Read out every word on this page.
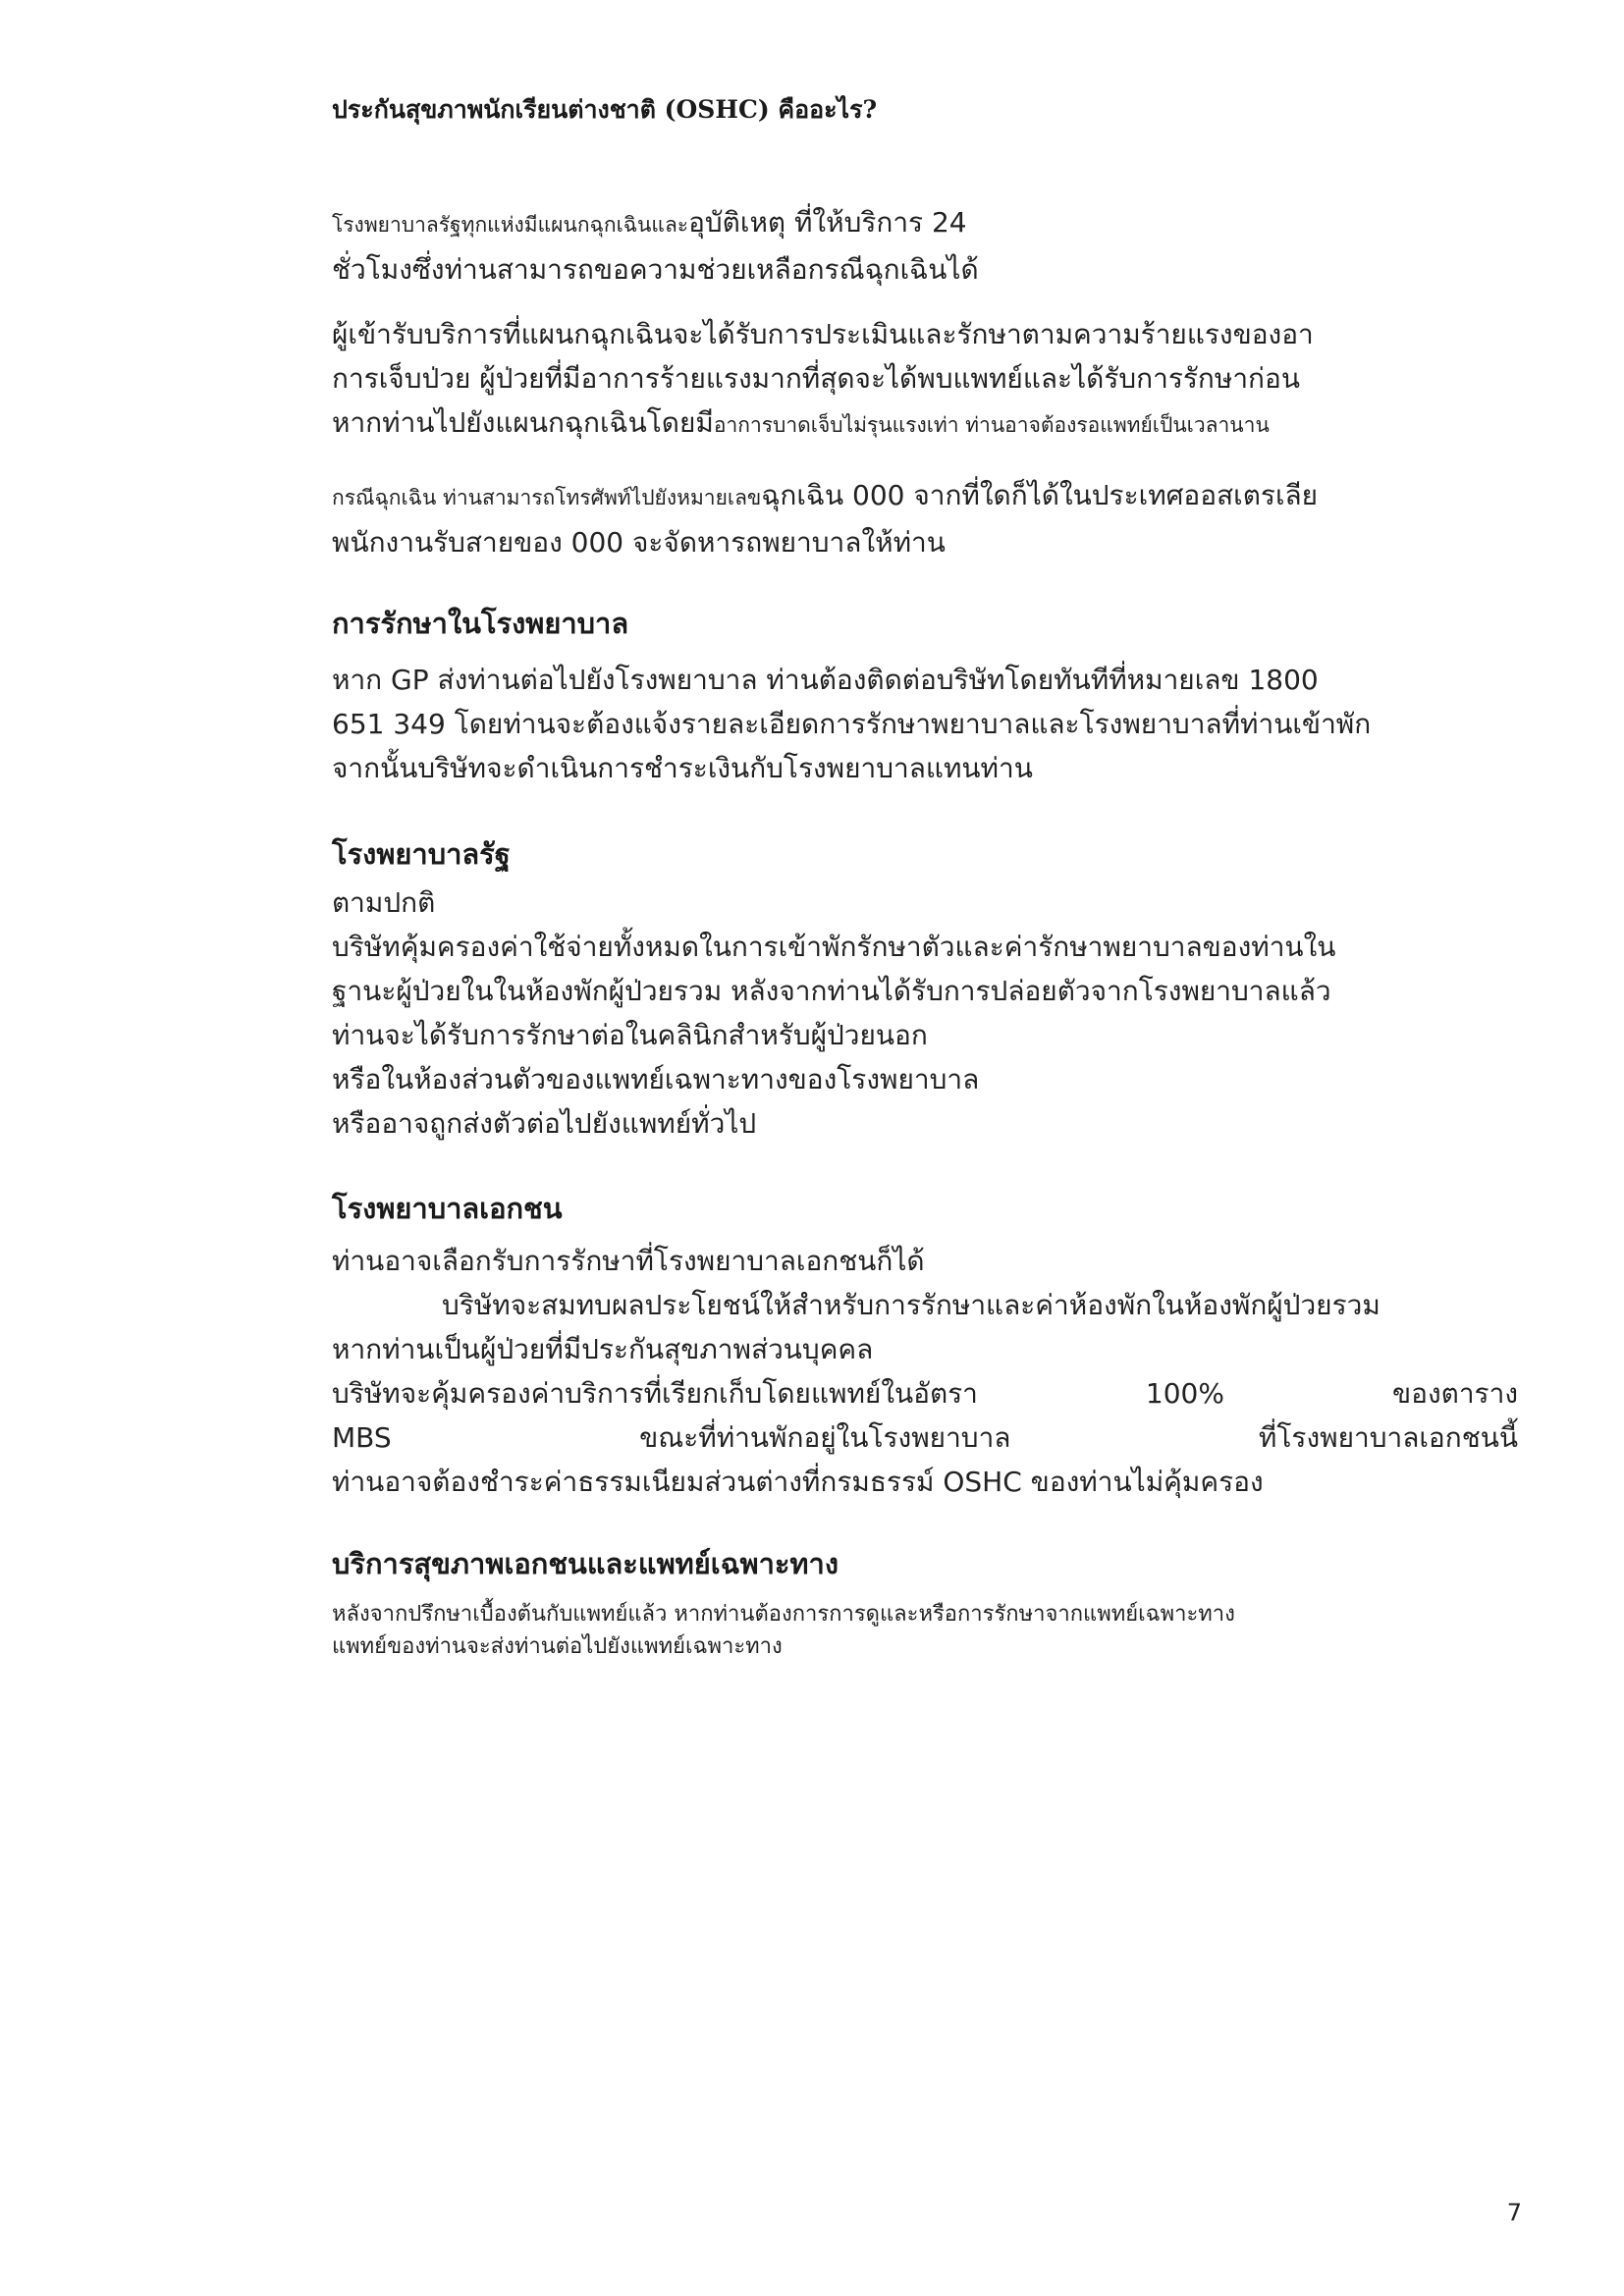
ประกันสุขภาพนักเรียนต่างชาติ (OSHC) คืออะไร?

โรงพยาบาลรัฐทุกแห่งมีแผนกฉุกเฉินและอุบัติเหตุ ที่ให้บริการ 24

ชั่วโมงซึ่งท่านสามารถขอความช่วยเหลือกรณีฉุกเฉินได้

ผู้เข้ารับบริการที่แผนกฉุกเฉินจะได้รับการประเมินและรักษาตามความร้ายแรงของอา

การเจ็บป่วย ผู้ป่วยที่มีอาการร้ายแรงมากที่สุดจะได้พบแพทย์และได้รับการรักษาก่อน

หากท่านไปยังแผนกฉุกเฉินโดยมีอาการบาดเจ็บไม่รุนแรงเท่า ท่านอาจต้องรอแพทย์เป็นเวลานาน

กรณีฉุกเฉิน ท่านสามารถโทรศัพท์ไปยังหมายเลขฉุกเฉิน 000 จากที่ใดก็ได้ในประเทศออสเตรเลีย

พนักงานรับสายของ 000 จะจัดหารถพยาบาลให้ท่าน

การรักษาในโรงพยาบาล

หาก GP ส่งท่านต่อไปยังโรงพยาบาล ท่านต้องติดต่อบริษัทโดยทันทีที่หมายเลข 1800

651 349 โดยท่านจะต้องแจ้งรายละเอียดการรักษาพยาบาลและโรงพยาบาลที่ท่านเข้าพัก

จากนั้นบริษัทจะดำเนินการชำระเงินกับโรงพยาบาลแทนท่าน

โรงพยาบาลรัฐ

ตามปกติ

บริษัทคุ้มครองค่าใช้จ่ายทั้งหมดในการเข้าพักรักษาตัวและค่ารักษาพยาบาลของท่านใน

ฐานะผู้ป่วยในในห้องพักผู้ป่วยรวม หลังจากท่านได้รับการปล่อยตัวจากโรงพยาบาลแล้ว

ท่านจะได้รับการรักษาต่อในคลินิกสำหรับผู้ป่วยนอก

หรือในห้องส่วนตัวของแพทย์เฉพาะทางของโรงพยาบาล

หรืออาจถูกส่งตัวต่อไปยังแพทย์ทั่วไป

โรงพยาบาลเอกชน

ท่านอาจเลือกรับการรักษาที่โรงพยาบาลเอกชนก็ได้

บริษัทจะสมทบผลประโยชน์ให้สำหรับการรักษาและค่าห้องพักในห้องพักผู้ป่วยรวม

หากท่านเป็นผู้ป่วยที่มีประกันสุขภาพส่วนบุคคล

บริษัทจะคุ้มครองค่าบริการที่เรียกเก็บโดยแพทย์ในอัตรา	100%	ของตาราง
MBS	ขณะที่ท่านพักอยู่ในโรงพยาบาล	ที่โรงพยาบาลเอกชนนี้

ท่านอาจต้องชำระค่าธรรมเนียมส่วนต่างที่กรมธรรม์ OSHC ของท่านไม่คุ้มครอง

บริการสุขภาพเอกชนและแพทย์เฉพาะทาง

หลังจากปรึกษาเบื้องต้นกับแพทย์แล้ว หากท่านต้องการการดูและหรือการรักษาจากแพทย์เฉพาะทาง

แพทย์ของท่านจะส่งท่านต่อไปยังแพทย์เฉพาะทาง

7
